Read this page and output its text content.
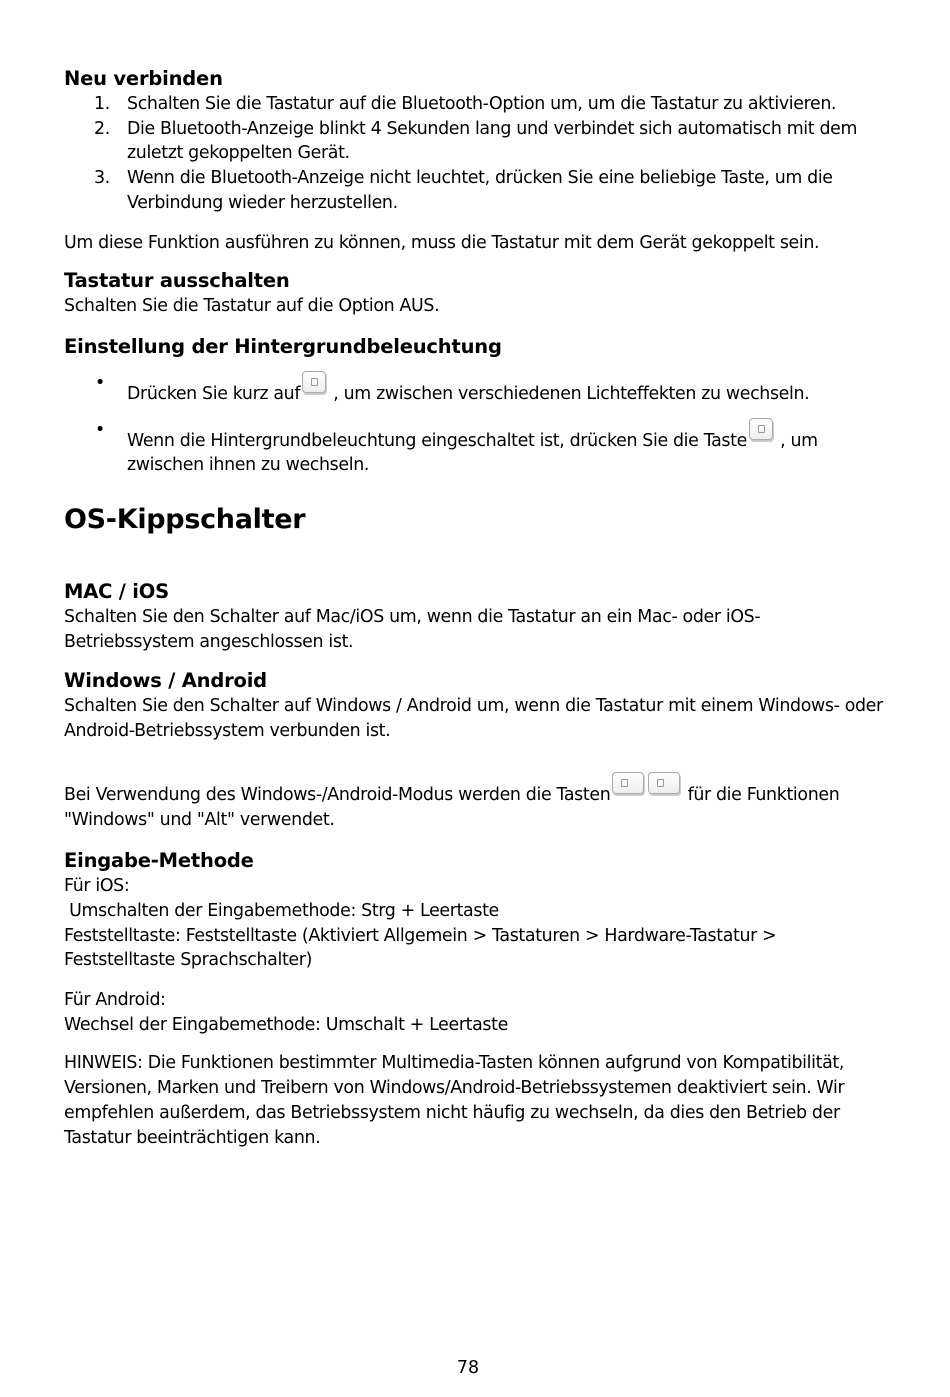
Neu verbinden
1. Schalten Sie die Tastatur auf die Bluetooth-Option um, um die Tastatur zu aktivieren.
2. Die Bluetooth-Anzeige blinkt 4 Sekunden lang und verbindet sich automatisch mit dem zuletzt gekoppelten Gerät.
3. Wenn die Bluetooth-Anzeige nicht leuchtet, drücken Sie eine beliebige Taste, um die Verbindung wieder herzustellen.

Um diese Funktion ausführen zu können, muss die Tastatur mit dem Gerät gekoppelt sein.

Tastatur ausschalten

Schalten Sie die Tastatur auf die Option AUS.

Einstellung der Hintergrundbeleuchtung
•
Drücken Sie kurz auf , um zwischen verschiedenen Lichteffekten zu wechseln.
•
Wenn die Hintergrundbeleuchtung eingeschaltet ist, drücken Sie die Taste , um zwischen ihnen zu wechseln.
OS-Kippschalter
MAC / iOS

Schalten Sie den Schalter auf Mac/iOS um, wenn die Tastatur an ein Mac- oder iOS-Betriebssystem angeschlossen ist.

Windows / Android

Schalten Sie den Schalter auf Windows / Android um, wenn die Tastatur mit einem Windows- oder Android-Betriebssystem verbunden ist.

Bei Verwendung des Windows-/Android-Modus werden die Tasten	für die Funktionen "Windows" und "Alt" verwendet.

Eingabe-Methode

Für iOS:

Umschalten der Eingabemethode: Strg + Leertaste

Feststelltaste: Feststelltaste (Aktiviert Allgemein > Tastaturen > Hardware-Tastatur > Feststelltaste Sprachschalter)

Für Android:

Wechsel der Eingabemethode: Umschalt + Leertaste

HINWEIS: Die Funktionen bestimmter Multimedia-Tasten können aufgrund von Kompatibilität, Versionen, Marken und Treibern von Windows/Android-Betriebssystemen deaktiviert sein. Wir empfehlen außerdem, das Betriebssystem nicht häufig zu wechseln, da dies den Betrieb der Tastatur beeinträchtigen kann.

78
